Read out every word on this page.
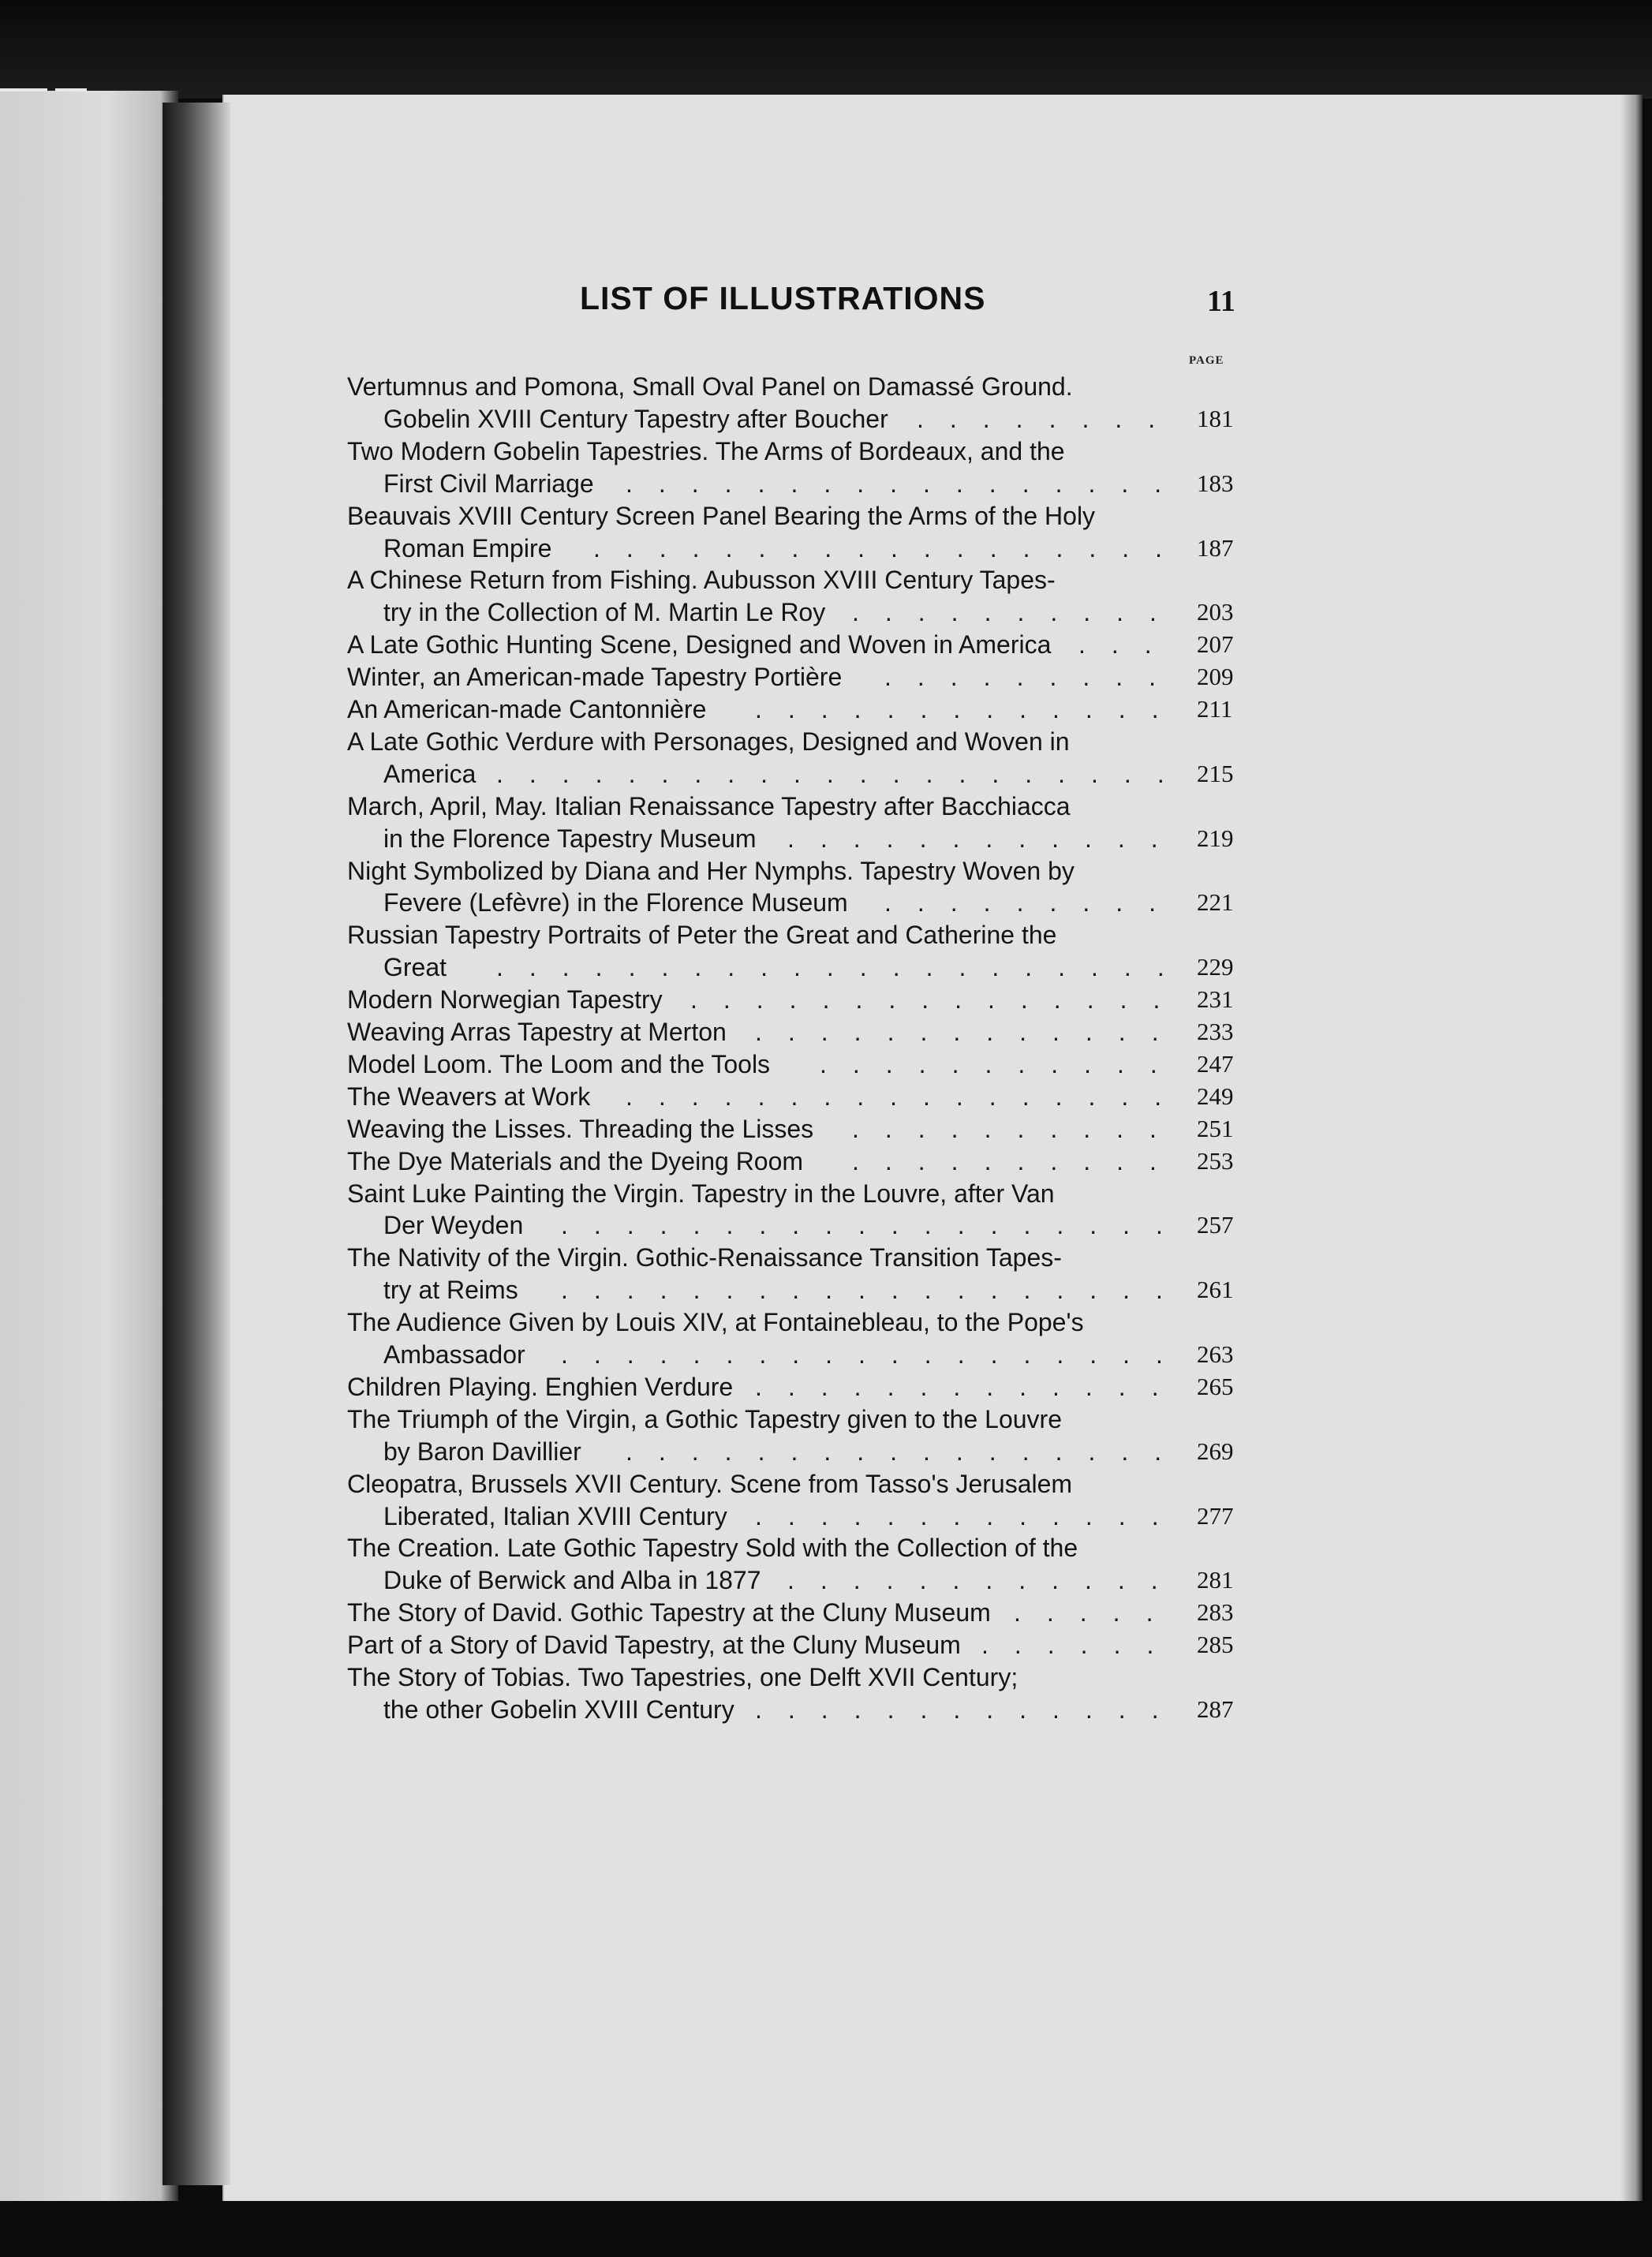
LIST OF ILLUSTRATIONS	11
PAGE
Vertumnus and Pomona, Small Oval Panel on Damassé Ground.
Gobelin XVIII Century Tapestry after Boucher ........ 181
Two Modern Gobelin Tapestries. The Arms of Bordeaux, and the
First Civil Marriage ................. 183
Beauvais XVIII Century Screen Panel Bearing the Arms of the Holy
Roman Empire .................. 187
A Chinese Return from Fishing. Aubusson XVIII Century Tapes-
try in the Collection of M. Martin Le Roy .......... 203
A Late Gothic Hunting Scene, Designed and Woven in America ... 207
Winter, an American-made Tapestry Portière ......... 209
An American-made Cantonnière ............. 211
A Late Gothic Verdure with Personages, Designed and Woven in
America ..................... 215
March, April, May. Italian Renaissance Tapestry after Bacchiacca
in the Florence Tapestry Museum ............ 219
Night Symbolized by Diana and Her Nymphs. Tapestry Woven by
Fevere (Lefèvre) in the Florence Museum ......... 221
Russian Tapestry Portraits of Peter the Great and Catherine the
Great ..................... 229
Modern Norwegian Tapestry ............... 231
Weaving Arras Tapestry at Merton ............. 233
Model Loom. The Loom and the Tools ........... 247
The Weavers at Work ................. 249
Weaving the Lisses. Threading the Lisses .......... 251
The Dye Materials and the Dyeing Room .......... 253
Saint Luke Painting the Virgin. Tapestry in the Louvre, after Van
Der Weyden ................... 257
The Nativity of the Virgin. Gothic-Renaissance Transition Tapes-
try at Reims ................... 261
The Audience Given by Louis XIV, at Fontainebleau, to the Pope's
Ambassador ................... 263
Children Playing. Enghien Verdure ............. 265
The Triumph of the Virgin, a Gothic Tapestry given to the Louvre
by Baron Davillier ................. 269
Cleopatra, Brussels XVII Century. Scene from Tasso's Jerusalem
Liberated, Italian XVIII Century ............. 277
The Creation. Late Gothic Tapestry Sold with the Collection of the
Duke of Berwick and Alba in 1877 ............ 281
The Story of David. Gothic Tapestry at the Cluny Museum ..... 283
Part of a Story of David Tapestry, at the Cluny Museum ...... 285
The Story of Tobias. Two Tapestries, one Delft XVII Century;
the other Gobelin XVIII Century ............. 287
